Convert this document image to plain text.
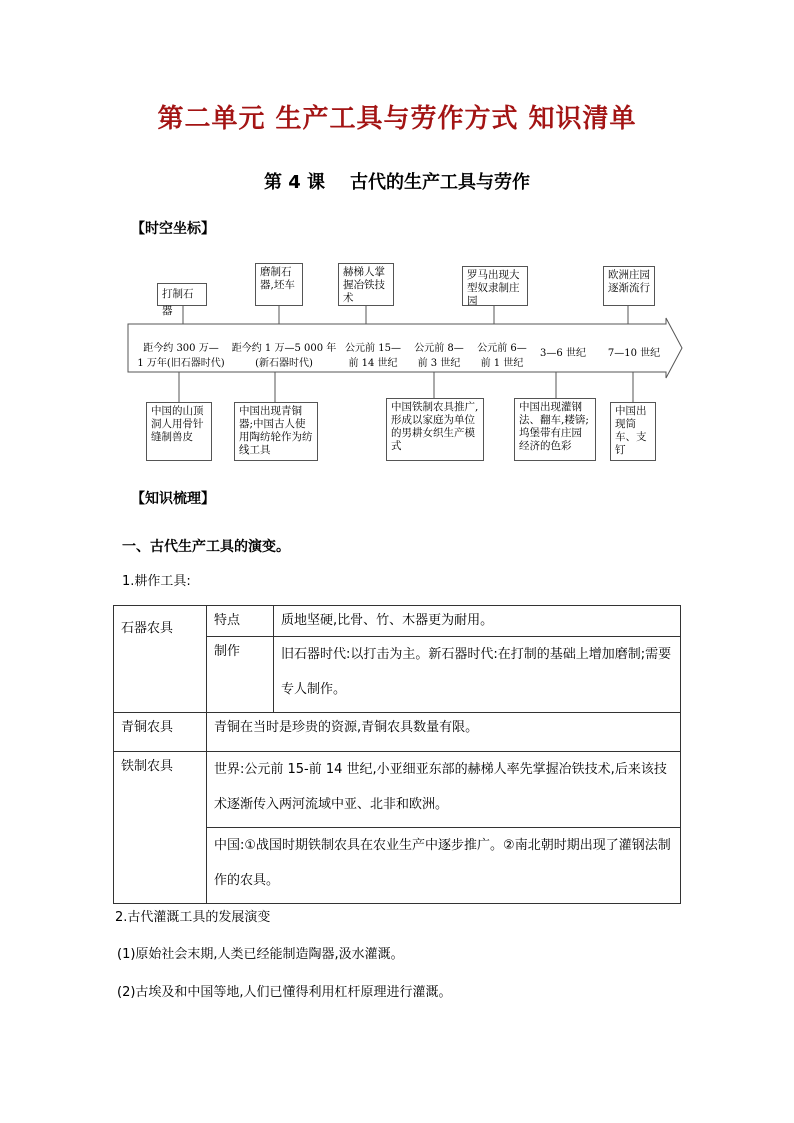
第二单元 生产工具与劳作方式 知识清单
第 4 课    古代的生产工具与劳作
【时空坐标】
打制石器
磨制石器,坯车
赫梯人掌握冶铁技术
罗马出现大型奴隶制庄园
欧洲庄园逐渐流行
距今约 300 万—
1 万年(旧石器时代)
距今约 1 万—5 000 年
(新石器时代)
公元前 15—
前 14 世纪
公元前 8—
前 3 世纪
公元前 6—
前 1 世纪
3—6 世纪	7—10 世纪
中国的山顶洞人用骨针缝制兽皮
中国出现青铜器;中国古人使用陶纺轮作为纺线工具
中国铁制农具推广,形成以家庭为单位的男耕女织生产模式
中国出现灌钢法、翻车,耧锛;坞堡带有庄园经济的色彩
中国出现筒车、支钉
【知识梳理】
一、古代生产工具的演变。
1.耕作工具:
石器农具	特点	质地坚硬,比骨、竹、木器更为耐用。
	制作	旧石器时代:以打击为主。新石器时代:在打制的基础上增加磨制;需要专人制作。
青铜农具	青铜在当时是珍贵的资源,青铜农具数量有限。	
铁制农具	世界:公元前 15-前 14 世纪,小亚细亚东部的赫梯人率先掌握冶铁技术,后来该技术逐渐传入两河流域中亚、北非和欧洲。	
	中国:①战国时期铁制农具在农业生产中逐步推广。②南北朝时期出现了灌钢法制作的农具。	
2.古代灌溉工具的发展演变
(1)原始社会末期,人类已经能制造陶器,汲水灌溉。
(2)古埃及和中国等地,人们已懂得利用杠杆原理进行灌溉。
